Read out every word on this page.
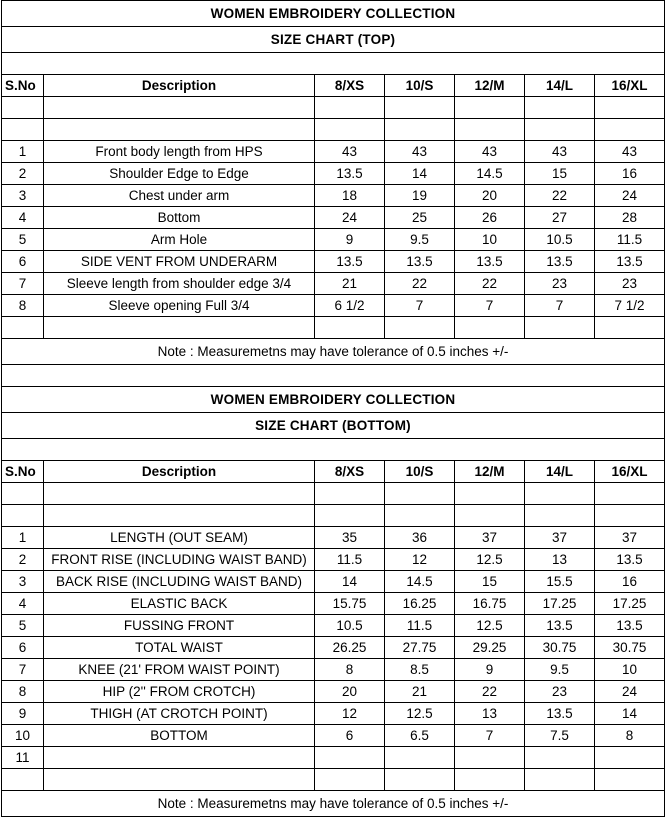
WOMEN EMBROIDERY COLLECTION						
SIZE CHART (TOP)						

S.No	Description	8/XS	10/S	12/M	14/L	16/XL

1	Front body length from HPS	43	43	43	43	43
2	Shoulder Edge to Edge	13.5	14	14.5	15	16
3	Chest under arm	18	19	20	22	24
4	Bottom	24	25	26	27	28
5	Arm Hole	9	9.5	10	10.5	11.5
6	SIDE VENT FROM UNDERARM	13.5	13.5	13.5	13.5	13.5
7	Sleeve length from shoulder edge 3/4	21	22	22	23	23
8	Sleeve opening Full 3/4	6 1/2	7	7	7	7 1/2

Note : Measuremetns may have tolerance of 0.5 inches +/-						

WOMEN EMBROIDERY COLLECTION						
SIZE CHART (BOTTOM)						

S.No	Description	8/XS	10/S	12/M	14/L	16/XL

1	LENGTH (OUT SEAM)	35	36	37	37	37
2	FRONT RISE (INCLUDING WAIST BAND)	11.5	12	12.5	13	13.5
3	BACK RISE (INCLUDING WAIST BAND)	14	14.5	15	15.5	16
4	ELASTIC BACK	15.75	16.25	16.75	17.25	17.25
5	FUSSING FRONT	10.5	11.5	12.5	13.5	13.5
6	TOTAL WAIST	26.25	27.75	29.25	30.75	30.75
7	KNEE (21' FROM WAIST POINT)	8	8.5	9	9.5	10
8	HIP (2'' FROM CROTCH)	20	21	22	23	24
9	THIGH (AT CROTCH POINT)	12	12.5	13	13.5	14
10	BOTTOM	6	6.5	7	7.5	8
11						

Note : Measuremetns may have tolerance of 0.5 inches +/-						
